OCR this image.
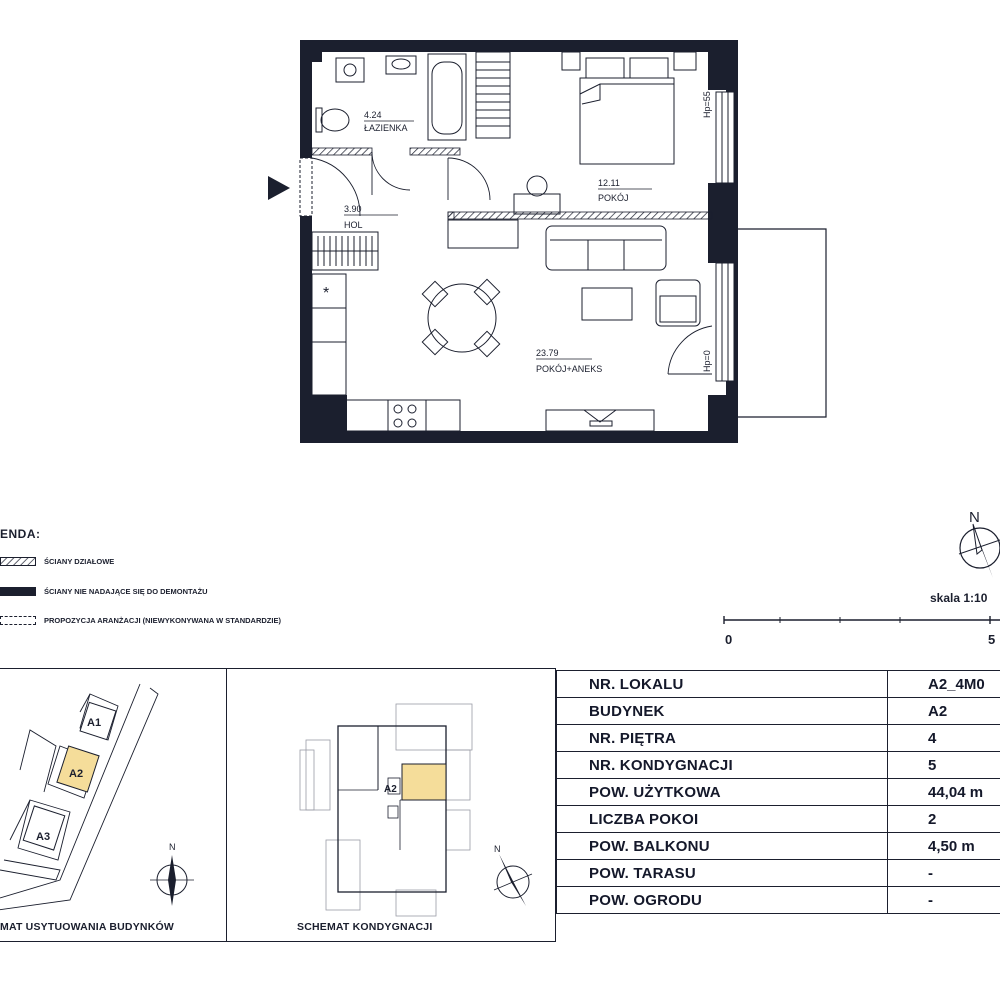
*
4.24
ŁAZIENKA
3.90
HOL
12.11
POKÓJ
23.79
POKÓJ+ANEKS
Hp=55
Hp=0
ENDA:
ŚCIANY DZIAŁOWE
ŚCIANY NIE NADAJĄCE SIĘ DO DEMONTAŻU
PROPOZYCJA ARANŻACJI (NIEWYKONYWANA W STANDARDZIE)
N
skala 1:10
0	5
A1
A2
A3
N
MAT USYTUOWANIA BUDYNKÓW
A2
N
SCHEMAT KONDYGNACJI
NR. LOKALU	A2_4M0
BUDYNEK	A2
NR. PIĘTRA	4
NR. KONDYGNACJI	5
POW. UŻYTKOWA	44,04 m
LICZBA POKOI	2
POW. BALKONU	4,50 m
POW. TARASU	-
POW. OGRODU	-
